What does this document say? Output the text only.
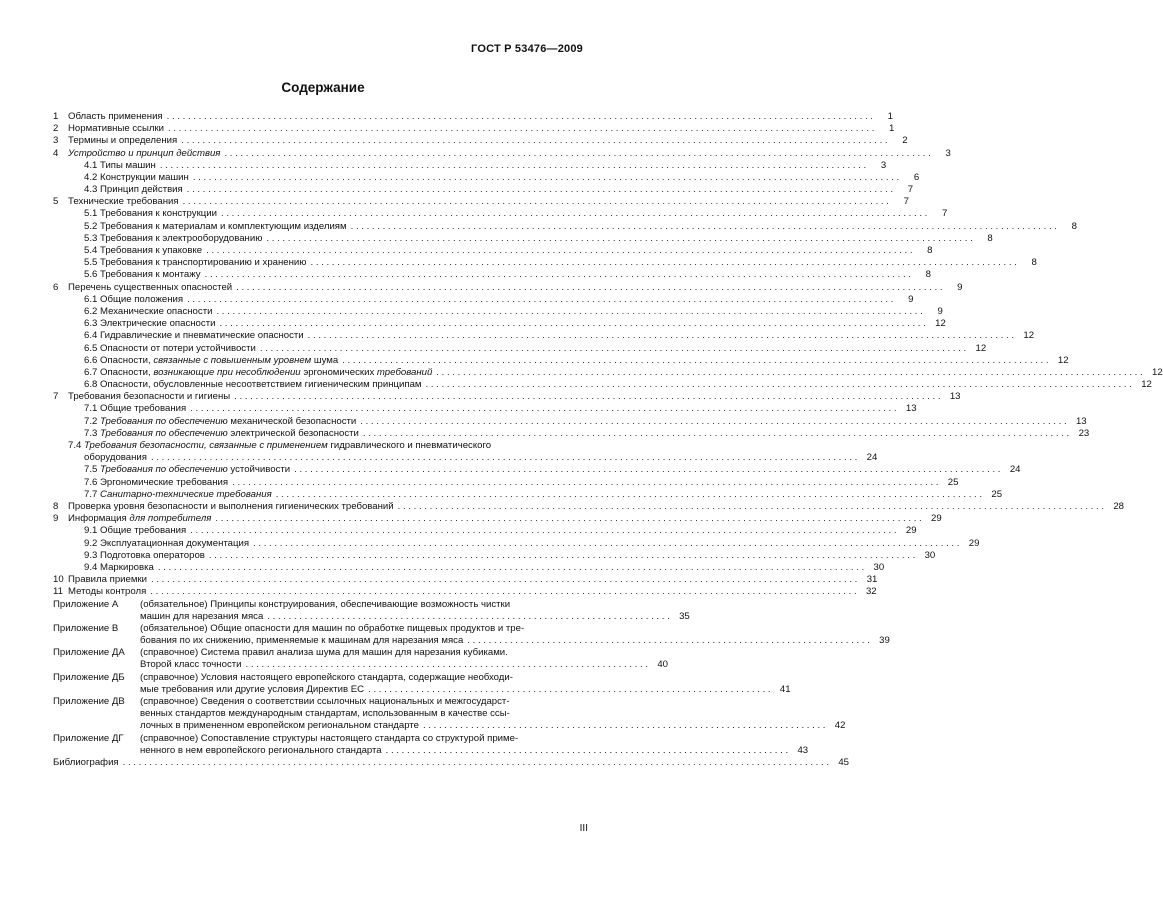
ГОСТ Р 53476—2009
Содержание
1	Область применения . . .	1
2	Нормативные ссылки . . .	1
3	Термины и определения . . .	2
4	Устройство и принцип действия . . .	3
4.1 Типы машин . . .	3
4.2 Конструкции машин . . .	6
4.3 Принцип действия . . .	7
5	Технические требования . . .	7
5.1 Требования к конструкции . . .	7
5.2 Требования к материалам и комплектующим изделиям . . .	8
5.3 Требования к электрооборудованию . . .	8
5.4 Требования к упаковке . . .	8
5.5 Требования к транспортированию и хранению . . .	8
5.6 Требования к монтажу . . .	8
6	Перечень существенных опасностей . . .	9
6.1 Общие положения . . .	9
6.2 Механические опасности . . .	9
6.3 Электрические опасности . . .	12
6.4 Гидравлические и пневматические опасности . . .	12
6.5 Опасности от потери устойчивости . . .	12
6.6 Опасности, связанные с повышенным уровнем шума . . .	12
6.7 Опасности, возникающие при несоблюдении эргономических требований . . .	12
6.8 Опасности, обусловленные несоответствием гигиеническим принципам . . .	12
7	Требования безопасности и гигиены . . .	13
7.1 Общие требования . . .	13
7.2 Требования по обеспечению механической безопасности . . .	13
7.3 Требования по обеспечению электрической безопасности . . .	23
7.4 Требования безопасности, связанные с применением гидравлического и пневматического
оборудования . . .	24
7.5 Требования по обеспечению устойчивости . . .	24
7.6 Эргономические требования . . .	25
7.7 Санитарно-технические требования . . .	25
8	Проверка уровня безопасности и выполнения гигиенических требований . . .	28
9	Информация для потребителя . . .	29
9.1 Общие требования . . .	29
9.2 Эксплуатационная документация . . .	29
9.3 Подготовка операторов . . .	30
9.4 Маркировка . . .	30
10 Правила приемки . . .	31
11 Методы контроля . . .	32
Приложение А	(обязательное) Принципы конструирования, обеспечивающие возможность чистки
машин для нарезания мяса . . .	35
Приложение В	(обязательное) Общие опасности для машин по обработке пищевых продуктов и тре-
бования по их снижению, применяемые к машинам для нарезания мяса . . .	39
Приложение ДА	(справочное) Система правил анализа шума для машин для нарезания кубиками.
Второй класс точности . . .	40
Приложение ДБ	(справочное) Условия настоящего европейского стандарта, содержащие необходи-
мые требования или другие условия Директив ЕС . . .	41
Приложение ДВ	(справочное) Сведения о соответствии ссылочных национальных и межгосударст-
венных стандартов международным стандартам, использованным в качестве ссы-
лочных в примененном европейском региональном стандарте . . .	42
Приложение ДГ	(справочное) Сопоставление структуры настоящего стандарта со структурой приме-
ненного в нем европейского регионального стандарта . . .	43
Библиография . . .	45
III
